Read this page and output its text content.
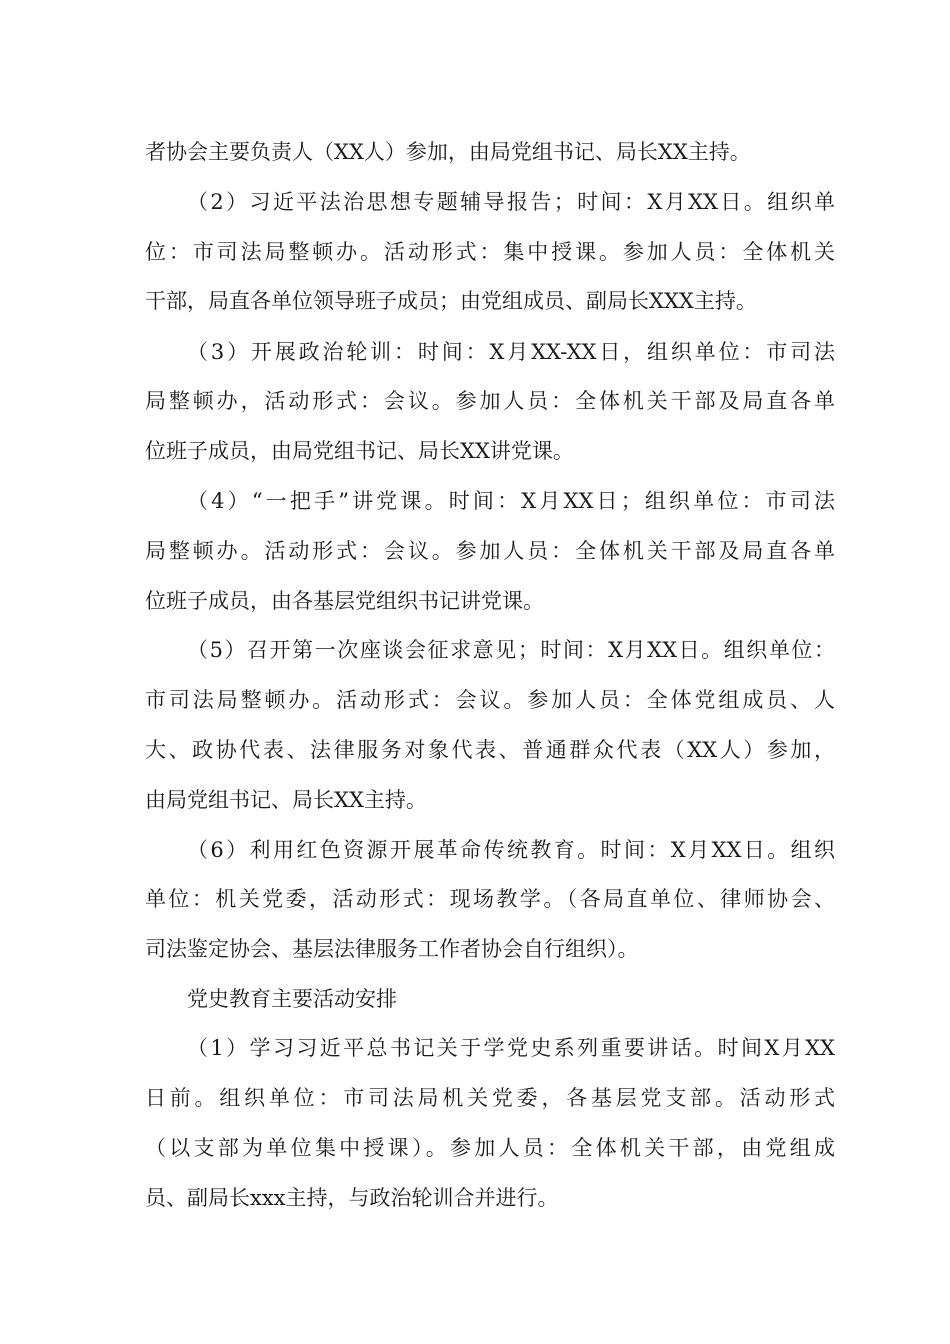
者协会主要负责人（XX人）参加，由局党组书记、局长XX主持。

（2）习近平法治思想专题辅导报告；时间：X月XX日。组织单

位：市司法局整顿办。活动形式：集中授课。参加人员：全体机关

干部，局直各单位领导班子成员；由党组成员、副局长XXX主持。

（3）开展政治轮训：时间：X月XX-XX日，组织单位：市司法

局整顿办，活动形式：会议。参加人员：全体机关干部及局直各单

位班子成员，由局党组书记、局长XX讲党课。

（4）“一把手”讲党课。时间：X月XX日；组织单位：市司法

局整顿办。活动形式：会议。参加人员：全体机关干部及局直各单

位班子成员，由各基层党组织书记讲党课。

（5）召开第一次座谈会征求意见；时间：X月XX日。组织单位：

市司法局整顿办。活动形式：会议。参加人员：全体党组成员、人

大、政协代表、法律服务对象代表、普通群众代表（XX人）参加，

由局党组书记、局长XX主持。

（6）利用红色资源开展革命传统教育。时间：X月XX日。组织

单位：机关党委，活动形式：现场教学。（各局直单位、律师协会、

司法鉴定协会、基层法律服务工作者协会自行组织）。

党史教育主要活动安排

（1）学习习近平总书记关于学党史系列重要讲话。时间X月XX

日前。组织单位：市司法局机关党委，各基层党支部。活动形式

（以支部为单位集中授课）。参加人员：全体机关干部，由党组成

员、副局长xxx主持，与政治轮训合并进行。
